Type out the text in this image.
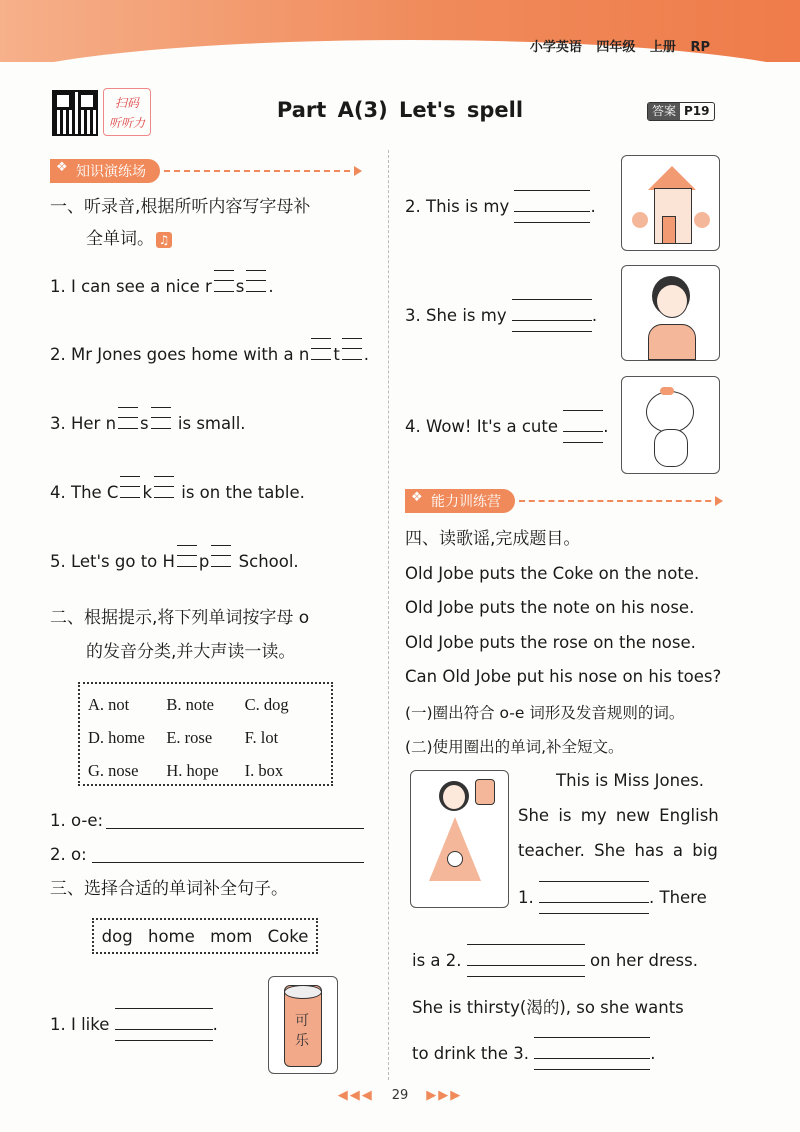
小学英语 四年级 上册 RP
扫码
听听力
Part A(3) Let's spell	答案 P19
❖ 知识演练场
一、听录音,根据所听内容写字母补
全单词。 ♫
1. I can see a nice r s .
2. Mr Jones goes home with a n t .
3. Her n s is small.
4. The C k is on the table.
5. Let's go to H p School.
二、根据提示,将下列单词按字母 o
的发音分类,并大声读一读。
A. not	B. note	C. dog
D. home	E. rose	F. lot
G. nose	H. hope	I. box
1. o-e:
2. o:
三、选择合适的单词补全句子。
dog home mom Coke
1. I like	.	可
乐
2. This is my	.
3. She is my	.
4. Wow! It's a cute	.
❖ 能力训练营
四、读歌谣,完成题目。
Old Jobe puts the Coke on the note.
Old Jobe puts the note on his nose.
Old Jobe puts the rose on the nose.
Can Old Jobe put his nose on his toes?
(一)圈出符合 o-e 词形及发音规则的词。
(二)使用圈出的单词,补全短文。
This is Miss Jones.
She is my new English
teacher. She has a big
1.	. There
is a 2.	on her dress.
She is thirsty(渴的), so she wants
to drink the 3.	.
◀◀◀ 29 ▶▶▶
